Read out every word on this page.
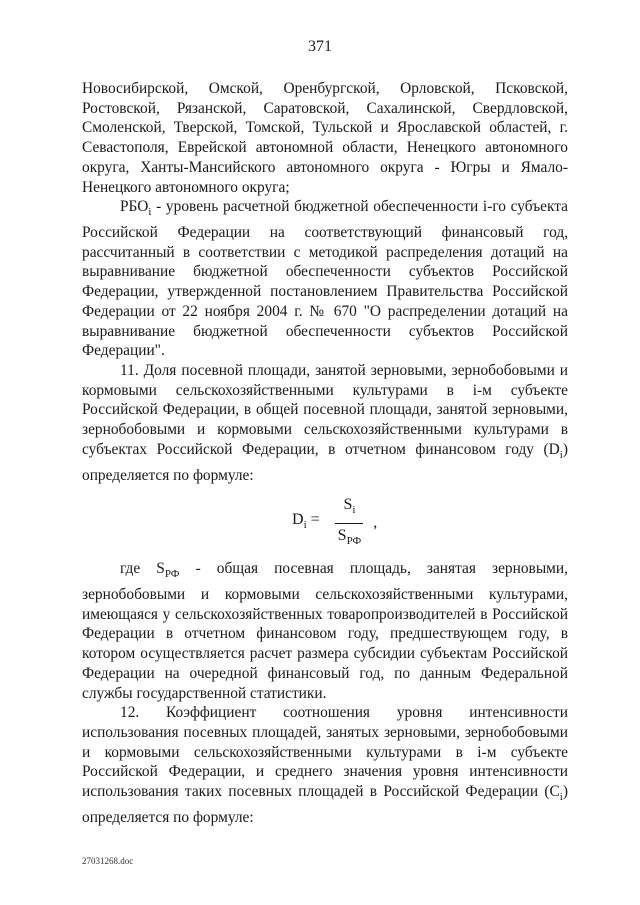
371

Новосибирской, Омской, Оренбургской, Орловской, Псковской, Ростовской, Рязанской, Саратовской, Сахалинской, Свердловской, Смоленской, Тверской, Томской, Тульской и Ярославской областей, г. Севастополя, Еврейской автономной области, Ненецкого автономного округа, Ханты-Мансийского автономного округа - Югры и Ямало-Ненецкого автономного округа;

$РБО_i$ - уровень расчетной бюджетной обеспеченности i-го субъекта Российской Федерации на соответствующий финансовый год, рассчитанный в соответствии с методикой распределения дотаций на выравнивание бюджетной обеспеченности субъектов Российской Федерации, утвержденной постановлением Правительства Российской Федерации от 22 ноября 2004 г. № 670 "О распределении дотаций на выравнивание бюджетной обеспеченности субъектов Российской Федерации".

11. Доля посевной площади, занятой зерновыми, зернобобовыми и кормовыми сельскохозяйственными культурами в i-м субъекте Российской Федерации, в общей посевной площади, занятой зерновыми, зернобобовыми и кормовыми сельскохозяйственными культурами в субъектах Российской Федерации, в отчетном финансовом году $(D_i)$ определяется по формуле:

$D_i = \frac{S_i}{S_{РФ}}$ ,

где $S_{РФ}$ - общая посевная площадь, занятая зерновыми, зернобобовыми и кормовыми сельскохозяйственными культурами, имеющаяся у сельскохозяйственных товаропроизводителей в Российской Федерации в отчетном финансовом году, предшествующем году, в котором осуществляется расчет размера субсидии субъектам Российской Федерации на очередной финансовый год, по данным Федеральной службы государственной статистики.

12. Коэффициент соотношения уровня интенсивности использования посевных площадей, занятых зерновыми, зернобобовыми и кормовыми сельскохозяйственными культурами в i-м субъекте Российской Федерации, и среднего значения уровня интенсивности использования таких посевных площадей в Российской Федерации $(C_i)$ определяется по формуле:

27031268.doc
